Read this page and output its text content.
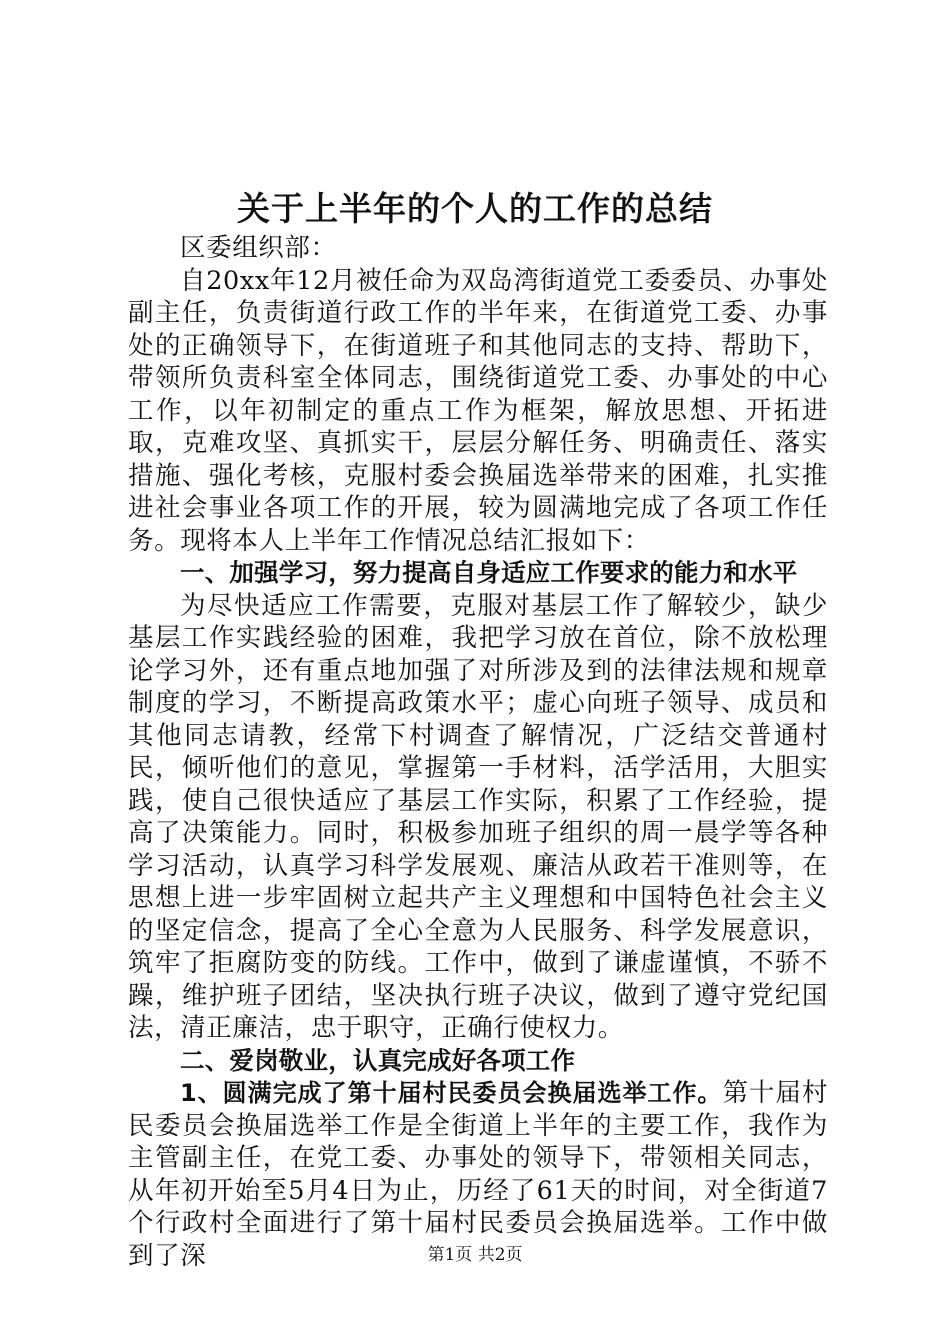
关于上半年的个人的工作的总结

区委组织部：

自20xx年12月被任命为双岛湾街道党工委委员、办事处副主任，负责街道行政工作的半年来，在街道党工委、办事处的正确领导下，在街道班子和其他同志的支持、帮助下，带领所负责科室全体同志，围绕街道党工委、办事处的中心工作，以年初制定的重点工作为框架，解放思想、开拓进取，克难攻坚、真抓实干，层层分解任务、明确责任、落实措施、强化考核，克服村委会换届选举带来的困难，扎实推进社会事业各项工作的开展，较为圆满地完成了各项工作任务。现将本人上半年工作情况总结汇报如下：

一、加强学习，努力提高自身适应工作要求的能力和水平

为尽快适应工作需要，克服对基层工作了解较少，缺少基层工作实践经验的困难，我把学习放在首位，除不放松理论学习外，还有重点地加强了对所涉及到的法律法规和规章制度的学习，不断提高政策水平；虚心向班子领导、成员和其他同志请教，经常下村调查了解情况，广泛结交普通村民，倾听他们的意见，掌握第一手材料，活学活用，大胆实践，使自己很快适应了基层工作实际，积累了工作经验，提高了决策能力。同时，积极参加班子组织的周一晨学等各种学习活动，认真学习科学发展观、廉洁从政若干准则等，在思想上进一步牢固树立起共产主义理想和中国特色社会主义的坚定信念，提高了全心全意为人民服务、科学发展意识，筑牢了拒腐防变的防线。工作中，做到了谦虚谨慎，不骄不躁，维护班子团结，坚决执行班子决议，做到了遵守党纪国法，清正廉洁，忠于职守，正确行使权力。

二、爱岗敬业，认真完成好各项工作

1、圆满完成了第十届村民委员会换届选举工作。第十届村民委员会换届选举工作是全街道上半年的主要工作，我作为主管副主任，在党工委、办事处的领导下，带领相关同志，从年初开始至5月4日为止，历经了61天的时间，对全街道7个行政村全面进行了第十届村民委员会换届选举。工作中做到了深	第1页 共2页
